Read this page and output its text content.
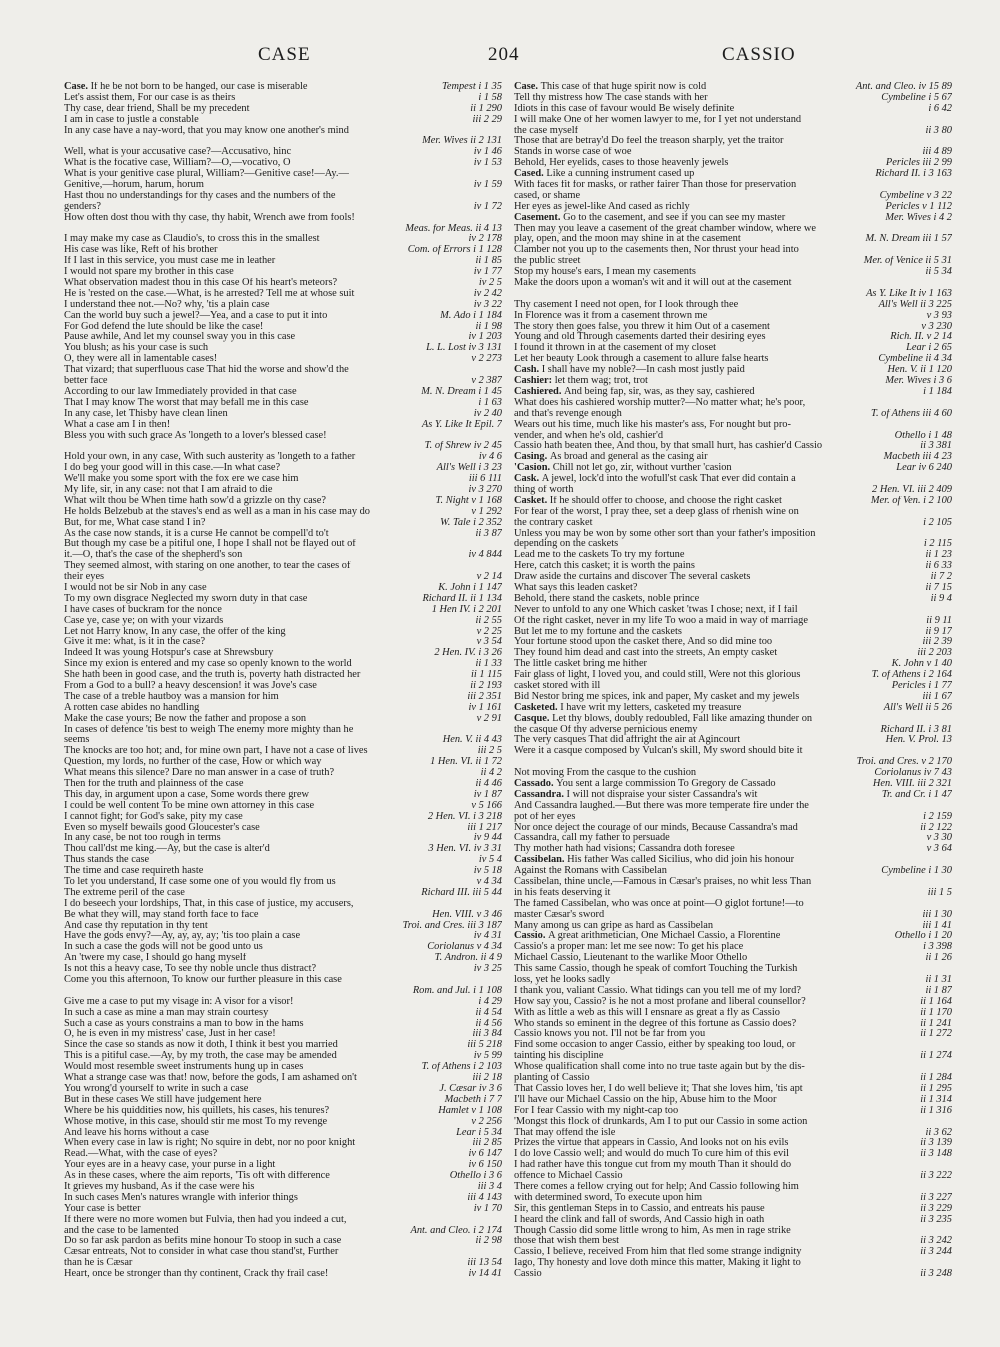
CASE	204	CASSIO
Case. If he be not born to be hanged, our case is miserable	Tempest i 1 35
Let's assist them, For our case is as theirs	i 1 58
Thy case, dear friend, Shall be my precedent	ii 1 290
I am in case to justle a constable	iii 2 29
In any case have a nay-word, that you may know one another's mind
Mer. Wives ii 2 131
Well, what is your accusative case?—Accusativo, hinc	iv 1 46
What is the focative case, William?—O,—vocativo, O	iv 1 53
What is your genitive case plural, William?—Genitive case!—Ay.—
Genitive,—horum, harum, horum	iv 1 59
Hast thou no understandings for thy cases and the numbers of the
genders?	iv 1 72
How often dost thou with thy case, thy habit, Wrench awe from fools!
Meas. for Meas. ii 4 13
I may make my case as Claudio's, to cross this in the smallest	iv 2 178
His case was like, Reft of his brother	Com. of Errors i 1 128
If I last in this service, you must case me in leather	ii 1 85
I would not spare my brother in this case	iv 1 77
What observation madest thou in this case Of his heart's meteors?	iv 2 5
He is 'rested on the case.—What, is he arrested? Tell me at whose suit	iv 2 42
I understand thee not.—No? why, 'tis a plain case	iv 3 22
Can the world buy such a jewel?—Yea, and a case to put it into	M. Ado i 1 184
For God defend the lute should be like the case!	ii 1 98
Pause awhile, And let my counsel sway you in this case	iv 1 203
You blush; as his your case is such	L. L. Lost iv 3 131
O, they were all in lamentable cases!	v 2 273
That vizard; that superfluous case That hid the worse and show'd the
better face	v 2 387
According to our law Immediately provided in that case	M. N. Dream i 1 45
That I may know The worst that may befall me in this case	i 1 63
In any case, let Thisby have clean linen	iv 2 40
What a case am I in then!	As Y. Like It Epil. 7
Bless you with such grace As 'longeth to a lover's blessed case!
T. of Shrew iv 2 45
Hold your own, in any case, With such austerity as 'longeth to a father	iv 4 6
I do beg your good will in this case.—In what case?	All's Well i 3 23
We'll make you some sport with the fox ere we case him	iii 6 111
My life, sir, in any case: not that I am afraid to die	iv 3 270
What wilt thou be When time hath sow'd a grizzle on thy case?	T. Night v 1 168
He holds Belzebub at the staves's end as well as a man in his case may do	v 1 292
But, for me, What case stand I in?	W. Tale i 2 352
As the case now stands, it is a curse He cannot be compell'd to't	ii 3 87
But though my case be a pitiful one, I hope I shall not be flayed out of
it.—O, that's the case of the shepherd's son	iv 4 844
They seemed almost, with staring on one another, to tear the cases of
their eyes	v 2 14
I would not be sir Nob in any case	K. John i 1 147
To my own disgrace Neglected my sworn duty in that case	Richard II. ii 1 134
I have cases of buckram for the nonce	1 Hen IV. i 2 201
Case ye, case ye; on with your vizards	ii 2 55
Let not Harry know, In any case, the offer of the king	v 2 25
Give it me: what, is it in the case?	v 3 54
Indeed It was young Hotspur's case at Shrewsbury	2 Hen. IV. i 3 26
Since my exion is entered and my case so openly known to the world	ii 1 33
She hath been in good case, and the truth is, poverty hath distracted her	ii 1 115
From a God to a bull? a heavy descension! it was Jove's case	ii 2 193
The case of a treble hautboy was a mansion for him	iii 2 351
A rotten case abides no handling	iv 1 161
Make the case yours; Be now the father and propose a son	v 2 91
In cases of defence 'tis best to weigh The enemy more mighty than he
seems	Hen. V. ii 4 43
The knocks are too hot; and, for mine own part, I have not a case of lives	iii 2 5
Question, my lords, no further of the case, How or which way	1 Hen. VI. ii 1 72
What means this silence? Dare no man answer in a case of truth?	ii 4 2
Then for the truth and plainness of the case	ii 4 46
This day, in argument upon a case, Some words there grew	iv 1 87
I could be well content To be mine own attorney in this case	v 5 166
I cannot fight; for God's sake, pity my case	2 Hen. VI. i 3 218
Even so myself bewails good Gloucester's case	iii 1 217
In any case, be not too rough in terms	iv 9 44
Thou call'dst me king.—Ay, but the case is alter'd	3 Hen. VI. iv 3 31
Thus stands the case	iv 5 4
The time and case requireth haste	iv 5 18
To let you understand, If case some one of you would fly from us	v 4 34
The extreme peril of the case	Richard III. iii 5 44
I do beseech your lordships, That, in this case of justice, my accusers,
Be what they will, may stand forth face to face	Hen. VIII. v 3 46
And case thy reputation in thy tent	Troi. and Cres. iii 3 187
Have the gods envy?—Ay, ay, ay, ay; 'tis too plain a case	iv 4 31
In such a case the gods will not be good unto us	Coriolanus v 4 34
An 'twere my case, I should go hang myself	T. Andron. ii 4 9
Is not this a heavy case, To see thy noble uncle thus distract?	iv 3 25
Come you this afternoon, To know our further pleasure in this case
Rom. and Jul. i 1 108
Give me a case to put my visage in: A visor for a visor!	i 4 29
In such a case as mine a man may strain courtesy	ii 4 54
Such a case as yours constrains a man to bow in the hams	ii 4 56
O, he is even in my mistress' case, Just in her case!	iii 3 84
Since the case so stands as now it doth, I think it best you married	iii 5 218
This is a pitiful case.—Ay, by my troth, the case may be amended	iv 5 99
Would most resemble sweet instruments hung up in cases	T. of Athens i 2 103
What a strange case was that! now, before the gods, I am ashamed on't	iii 2 18
You wrong'd yourself to write in such a case	J. Cæsar iv 3 6
But in these cases We still have judgement here	Macbeth i 7 7
Where be his quiddities now, his quillets, his cases, his tenures?	Hamlet v 1 108
Whose motive, in this case, should stir me most To my revenge	v 2 256
And leave his horns without a case	Lear i 5 34
When every case in law is right; No squire in debt, nor no poor knight	iii 2 85
Read.—What, with the case of eyes?	iv 6 147
Your eyes are in a heavy case, your purse in a light	iv 6 150
As in these cases, where the aim reports, 'Tis oft with difference	Othello i 3 6
It grieves my husband, As if the case were his	iii 3 4
In such cases Men's natures wrangle with inferior things	iii 4 143
Your case is better	iv 1 70
If there were no more women but Fulvia, then had you indeed a cut,
and the case to be lamented	Ant. and Cleo. i 2 174
Do so far ask pardon as befits mine honour To stoop in such a case	ii 2 98
Cæsar entreats, Not to consider in what case thou stand'st, Further
than he is Cæsar	iii 13 54
Heart, once be stronger than thy continent, Crack thy frail case!	iv 14 41
Case. This case of that huge spirit now is cold	Ant. and Cleo. iv 15 89
Tell thy mistress how The case stands with her	Cymbeline i 5 67
Idiots in this case of favour would Be wisely definite	i 6 42
I will make One of her women lawyer to me, for I yet not understand
the case myself	ii 3 80
Those that are betray'd Do feel the treason sharply, yet the traitor
Stands in worse case of woe	iii 4 89
Behold, Her eyelids, cases to those heavenly jewels	Pericles iii 2 99
Cased. Like a cunning instrument cased up	Richard II. i 3 163
With faces fit for masks, or rather fairer Than those for preservation
cased, or shame	Cymbeline v 3 22
Her eyes as jewel-like And cased as richly	Pericles v 1 112
Casement. Go to the casement, and see if you can see my master	Mer. Wives i 4 2
Then may you leave a casement of the great chamber window, where we
play, open, and the moon may shine in at the casement	M. N. Dream iii 1 57
Clamber not you up to the casements then, Nor thrust your head into
the public street	Mer. of Venice ii 5 31
Stop my house's ears, I mean my casements	ii 5 34
Make the doors upon a woman's wit and it will out at the casement
As Y. Like It iv 1 163
Thy casement I need not open, for I look through thee	All's Well ii 3 225
In Florence was it from a casement thrown me	v 3 93
The story then goes false, you threw it him Out of a casement	v 3 230
Young and old Through casements darted their desiring eyes	Rich. II. v 2 14
I found it thrown in at the casement of my closet	Lear i 2 65
Let her beauty Look through a casement to allure false hearts	Cymbeline ii 4 34
Cash. I shall have my noble?—In cash most justly paid	Hen. V. ii 1 120
Cashier: let them wag; trot, trot	Mer. Wives i 3 6
Cashiered. And being fap, sir, was, as they say, cashiered	i 1 184
What does his cashiered worship mutter?—No matter what; he's poor,
and that's revenge enough	T. of Athens iii 4 60
Wears out his time, much like his master's ass, For nought but pro-
vender, and when he's old, cashier'd	Othello i 1 48
Cassio hath beaten thee, And thou, by that small hurt, has cashier'd Cassio	ii 3 381
Casing. As broad and general as the casing air	Macbeth iii 4 23
'Casion. Chill not let go, zir, without vurther 'casion	Lear iv 6 240
Cask. A jewel, lock'd into the wofull'st cask That ever did contain a
thing of worth	2 Hen. VI. iii 2 409
Casket. If he should offer to choose, and choose the right casket	Mer. of Ven. i 2 100
For fear of the worst, I pray thee, set a deep glass of rhenish wine on
the contrary casket	i 2 105
Unless you may be won by some other sort than your father's imposition
depending on the caskets	i 2 115
Lead me to the caskets To try my fortune	ii 1 23
Here, catch this casket; it is worth the pains	ii 6 33
Draw aside the curtains and discover The several caskets	ii 7 2
What says this leaden casket?	ii 7 15
Behold, there stand the caskets, noble prince	ii 9 4
Never to unfold to any one Which casket 'twas I chose; next, if I fail
Of the right casket, never in my life To woo a maid in way of marriage	ii 9 11
But let me to my fortune and the caskets	ii 9 17
Your fortune stood upon the casket there, And so did mine too	iii 2 39
They found him dead and cast into the streets, An empty casket	iii 2 203
The little casket bring me hither	K. John v 1 40
Fair glass of light, I loved you, and could still, Were not this glorious	T. of Athens i 2 164
casket stored with ill	Pericles i 1 77
Bid Nestor bring me spices, ink and paper, My casket and my jewels	iii 1 67
Casketed. I have writ my letters, casketed my treasure	All's Well ii 5 26
Casque. Let thy blows, doubly redoubled, Fall like amazing thunder on
the casque Of thy adverse pernicious enemy	Richard II. i 3 81
The very casques That did affright the air at Agincourt	Hen. V. Prol. 13
Were it a casque composed by Vulcan's skill, My sword should bite it
Troi. and Cres. v 2 170
Not moving From the casque to the cushion	Coriolanus iv 7 43
Cassado. You sent a large commission To Gregory de Cassado	Hen. VIII. iii 2 321
Cassandra. I will not dispraise your sister Cassandra's wit	Tr. and Cr. i 1 47
And Cassandra laughed.—But there was more temperate fire under the
pot of her eyes	i 2 159
Nor once deject the courage of our minds, Because Cassandra's mad	ii 2 122
Cassandra, call my father to persuade	v 3 30
Thy mother hath had visions; Cassandra doth foresee	v 3 64
Cassibelan. His father Was called Sicilius, who did join his honour
Against the Romans with Cassibelan	Cymbeline i 1 30
Cassibelan, thine uncle,—Famous in Cæsar's praises, no whit less Than
in his feats deserving it	iii 1 5
The famed Cassibelan, who was once at point—O giglot fortune!—to
master Cæsar's sword	iii 1 30
Many among us can gripe as hard as Cassibelan	iii 1 41
Cassio. A great arithmetician, One Michael Cassio, a Florentine	Othello i 1 20
Cassio's a proper man: let me see now: To get his place	i 3 398
Michael Cassio, Lieutenant to the warlike Moor Othello	ii 1 26
This same Cassio, though he speak of comfort Touching the Turkish
loss, yet he looks sadly	ii 1 31
I thank you, valiant Cassio. What tidings can you tell me of my lord?	ii 1 87
How say you, Cassio? is he not a most profane and liberal counsellor?	ii 1 164
With as little a web as this will I ensnare as great a fly as Cassio	ii 1 170
Who stands so eminent in the degree of this fortune as Cassio does?	ii 1 241
Cassio knows you not. I'll not be far from you	ii 1 272
Find some occasion to anger Cassio, either by speaking too loud, or
tainting his discipline	ii 1 274
Whose qualification shall come into no true taste again but by the dis-
planting of Cassio	ii 1 284
That Cassio loves her, I do well believe it; That she loves him, 'tis apt	ii 1 295
I'll have our Michael Cassio on the hip, Abuse him to the Moor	ii 1 314
For I fear Cassio with my night-cap too	ii 1 316
'Mongst this flock of drunkards, Am I to put our Cassio in some action
That may offend the isle	ii 3 62
Prizes the virtue that appears in Cassio, And looks not on his evils	ii 3 139
I do love Cassio well; and would do much To cure him of this evil	ii 3 148
I had rather have this tongue cut from my mouth Than it should do
offence to Michael Cassio	ii 3 222
There comes a fellow crying out for help; And Cassio following him
with determined sword, To execute upon him	ii 3 227
Sir, this gentleman Steps in to Cassio, and entreats his pause	ii 3 229
I heard the clink and fall of swords, And Cassio high in oath	ii 3 235
Though Cassio did some little wrong to him, As men in rage strike
those that wish them best	ii 3 242
Cassio, I believe, received From him that fled some strange indignity	ii 3 244
Iago, Thy honesty and love doth mince this matter, Making it light to
Cassio	ii 3 248
